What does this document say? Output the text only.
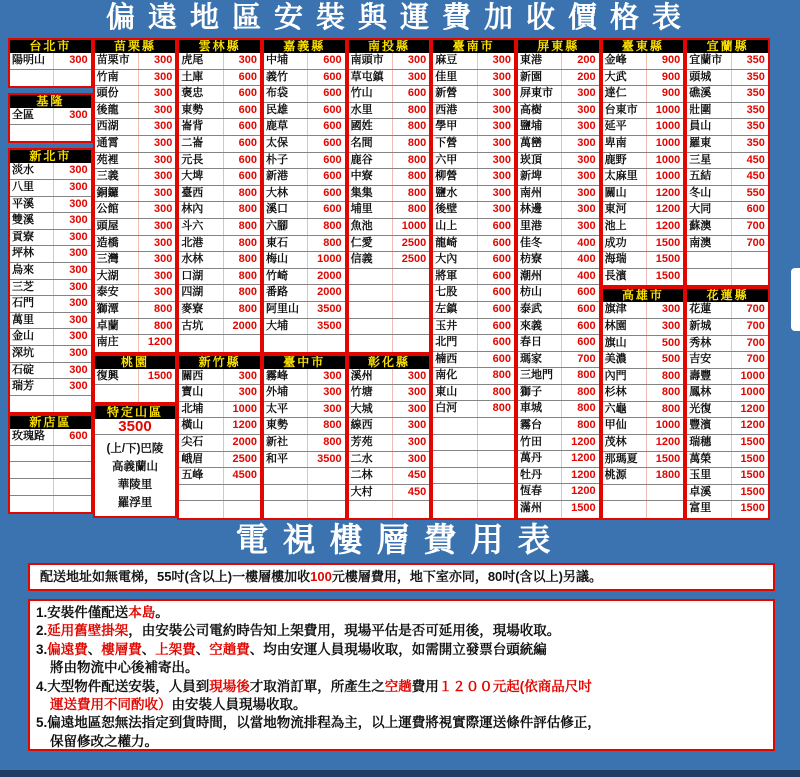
偏遠地區安裝與運費加收價格表
台北市
陽明山	300
基隆
全區	300
新北市
淡水	300
八里	300
平溪	300
雙溪	300
貢寮	300
坪林	300
烏來	300
三芝	300
石門	300
萬里	300
金山	300
深坑	300
石碇	300
瑞芳	300
新店區
玫瑰路	600
苗栗縣
苗栗市	300
竹南	300
頭份	300
後龍	300
西湖	300
通霄	300
苑裡	300
三義	300
銅鑼	300
公館	300
頭屋	300
造橋	300
三灣	300
大湖	300
泰安	300
獅潭	800
卓蘭	800
南庄	1200
桃園
復興	1500
特定山區
3500
(上/下)巴陵
高義蘭山
華陵里
羅浮里
雲林縣
虎尾	300
土庫	600
褒忠	600
東勢	600
崙背	600
二崙	600
元長	600
大埤	600
臺西	800
林內	800
斗六	800
北港	800
水林	800
口湖	800
四湖	800
麥寮	800
古坑	2000
新竹縣
關西	300
寶山	300
北埔	1000
橫山	1200
尖石	2000
峨眉	2500
五峰	4500
嘉義縣
中埔	600
義竹	600
布袋	600
民雄	600
鹿草	600
太保	600
朴子	600
新港	600
大林	600
溪口	600
六腳	800
東石	800
梅山	1000
竹崎	2000
番路	2000
阿里山	3500
大埔	3500
臺中市
霧峰	300
外埔	300
太平	300
東勢	800
新社	800
和平	3500
南投縣
南頭市	300
草屯鎮	300
竹山	600
水里	800
國姓	800
名間	800
鹿谷	800
中寮	800
集集	800
埔里	800
魚池	1000
仁愛	2500
信義	2500
彰化縣
溪州	300
竹塘	300
大城	300
線西	300
芳苑	300
二水	300
二林	450
大村	450
臺南市
麻豆	300
佳里	300
新營	300
西港	300
學甲	300
下營	300
六甲	300
柳營	300
鹽水	300
後壁	300
山上	600
龍崎	600
大內	600
將軍	600
七股	600
左鎮	600
玉井	600
北門	600
楠西	600
南化	800
東山	800
白河	800
屏東縣
東港	200
新園	200
屏東市	300
高樹	300
鹽埔	300
萬巒	300
崁頂	300
新埤	300
南州	300
林邊	300
里港	300
佳冬	400
枋寮	400
潮州	400
枋山	600
泰武	600
來義	600
春日	600
瑪家	700
三地門	800
獅子	800
車城	800
霧台	800
竹田	1200
萬丹	1200
牡丹	1200
恆春	1200
滿州	1500
臺東縣
金峰	900
大武	900
達仁	900
台東市	1000
延平	1000
卑南	1000
鹿野	1000
太麻里	1000
關山	1200
東河	1200
池上	1200
成功	1500
海瑞	1500
長濱	1500
高雄市
旗津	300
林園	300
旗山	500
美濃	500
內門	800
杉林	800
六龜	800
甲仙	1000
茂林	1200
那瑪夏	1500
桃源	1800
宜蘭縣
宜蘭市	350
頭城	350
礁溪	350
壯圍	350
員山	350
羅東	350
三星	450
五結	450
冬山	550
大同	600
蘇澳	700
南澳	700
花蓮縣
花蓮	700
新城	700
秀林	700
吉安	700
壽豐	1000
鳳林	1000
光復	1200
豐濱	1200
瑞穗	1500
萬榮	1500
玉里	1500
卓溪	1500
富里	1500
電視樓層費用表
配送地址如無電梯，55吋(含以上)一樓層樓加收100元樓層費用，地下室亦同，80吋(含以上)另議。
1.安裝件僅配送本島。
2.延用舊壁掛架，由安裝公司電約時告知上架費用，現場平估是否可延用後，現場收取。
3.偏遠費、樓層費、上架費、空趟費、均由安運人員現場收取，如需開立發票台頭統編
將由物流中心後補寄出。
4.大型物件配送安裝，人員到現場後才取消訂單，所產生之空趟費用１２００元起(依商品尺吋
運送費用不同酌收）由安裝人員現場收取。
5.偏遠地區恕無法指定到貨時間，以當地物流排程為主，以上運費將視實際運送條件評估修正，
保留修改之權力。
